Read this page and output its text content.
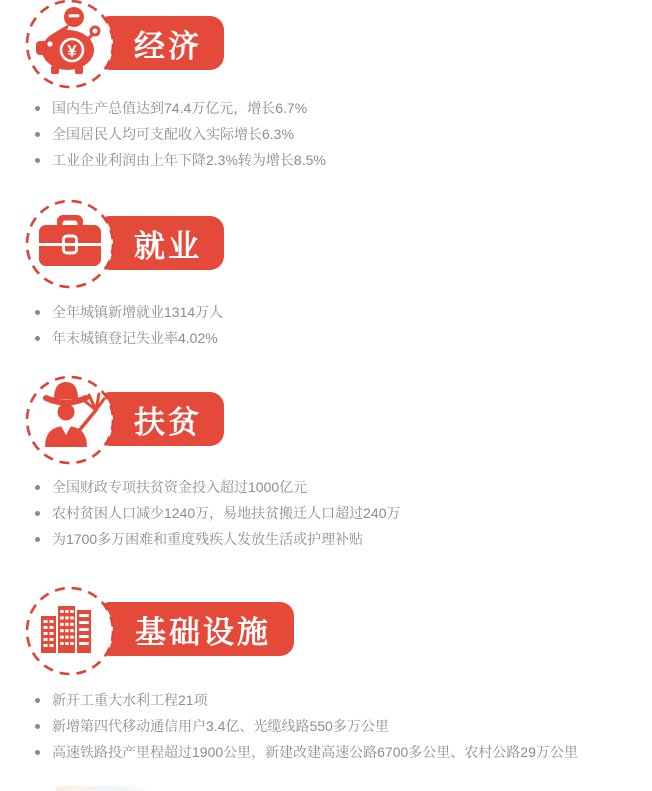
¥ 经济
国内生产总值达到74.4万亿元，增长6.7%
全国居民人均可支配收入实际增长6.3%
工业企业利润由上年下降2.3%转为增长8.5%
就业
全年城镇新增就业1314万人
年末城镇登记失业率4.02%
扶贫
全国财政专项扶贫资金投入超过1000亿元
农村贫困人口减少1240万，易地扶贫搬迁人口超过240万
为1700多万困难和重度残疾人发放生活或护理补贴
基础设施
新开工重大水利工程21项
新增第四代移动通信用户3.4亿、光缆线路550多万公里
高速铁路投产里程超过1900公里，新建改建高速公路6700多公里、农村公路29万公里
